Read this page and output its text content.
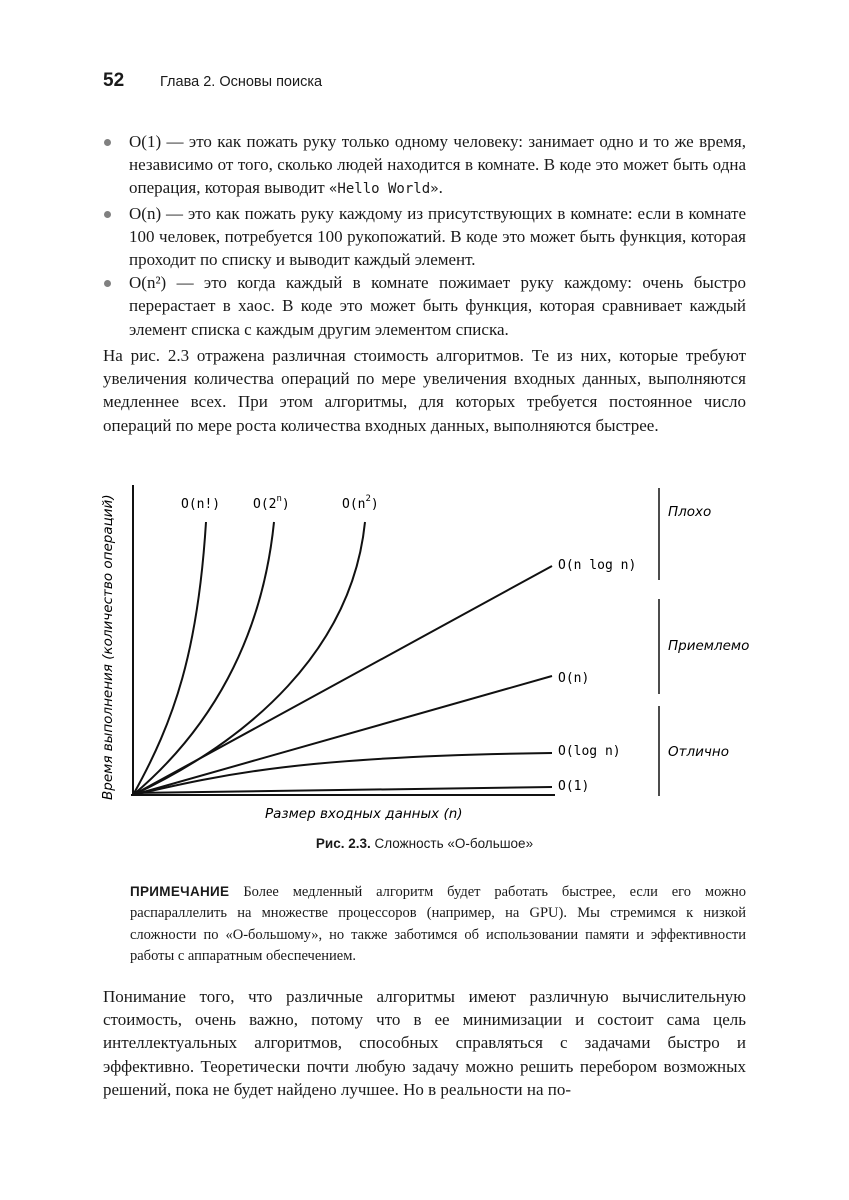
52 Глава 2. Основы поиска
O(1) — это как пожать руку только одному человеку: занимает одно и то же время, независимо от того, сколько людей находится в комнате. В коде это может быть одна операция, которая выводит «Hello World».
O(n) — это как пожать руку каждому из присутствующих в комнате: если в комнате 100 человек, потребуется 100 рукопожатий. В коде это может быть функция, которая проходит по списку и выводит каждый элемент.
O(n²) — это когда каждый в комнате пожимает руку каждому: очень быстро перерастает в хаос. В коде это может быть функция, которая сравнивает каждый элемент списка с каждым другим элементом списка.
На рис. 2.3 отражена различная стоимость алгоритмов. Те из них, которые требуют увеличения количества операций по мере увеличения входных данных, выполняются медленнее всех. При этом алгоритмы, для которых требуется постоянное число операций по мере роста количества входных данных, выполняются быстрее.
O(n!)	O(2$^n$)	$O(n^2)$
O(n log n)
O(n)
O(log n)
O(1)
Плохо
Приемлемо
Отлично
Размер входных данных (n)
Время выполнения (количество операций)
Рис. 2.3. Сложность «O-большое»
ПРИМЕЧАНИЕ Более медленный алгоритм будет работать быстрее, если его можно распараллелить на множестве процессоров (например, на GPU). Мы стремимся к низкой сложности по «O-большому», но также заботимся об использовании памяти и эффективности работы с аппаратным обеспечением.
Понимание того, что различные алгоритмы имеют различную вычислительную стоимость, очень важно, потому что в ее минимизации и состоит сама цель интеллектуальных алгоритмов, способных справляться с задачами быстро и эффективно. Теоретически почти любую задачу можно решить перебором возможных решений, пока не будет найдено лучшее. Но в реальности на по-
